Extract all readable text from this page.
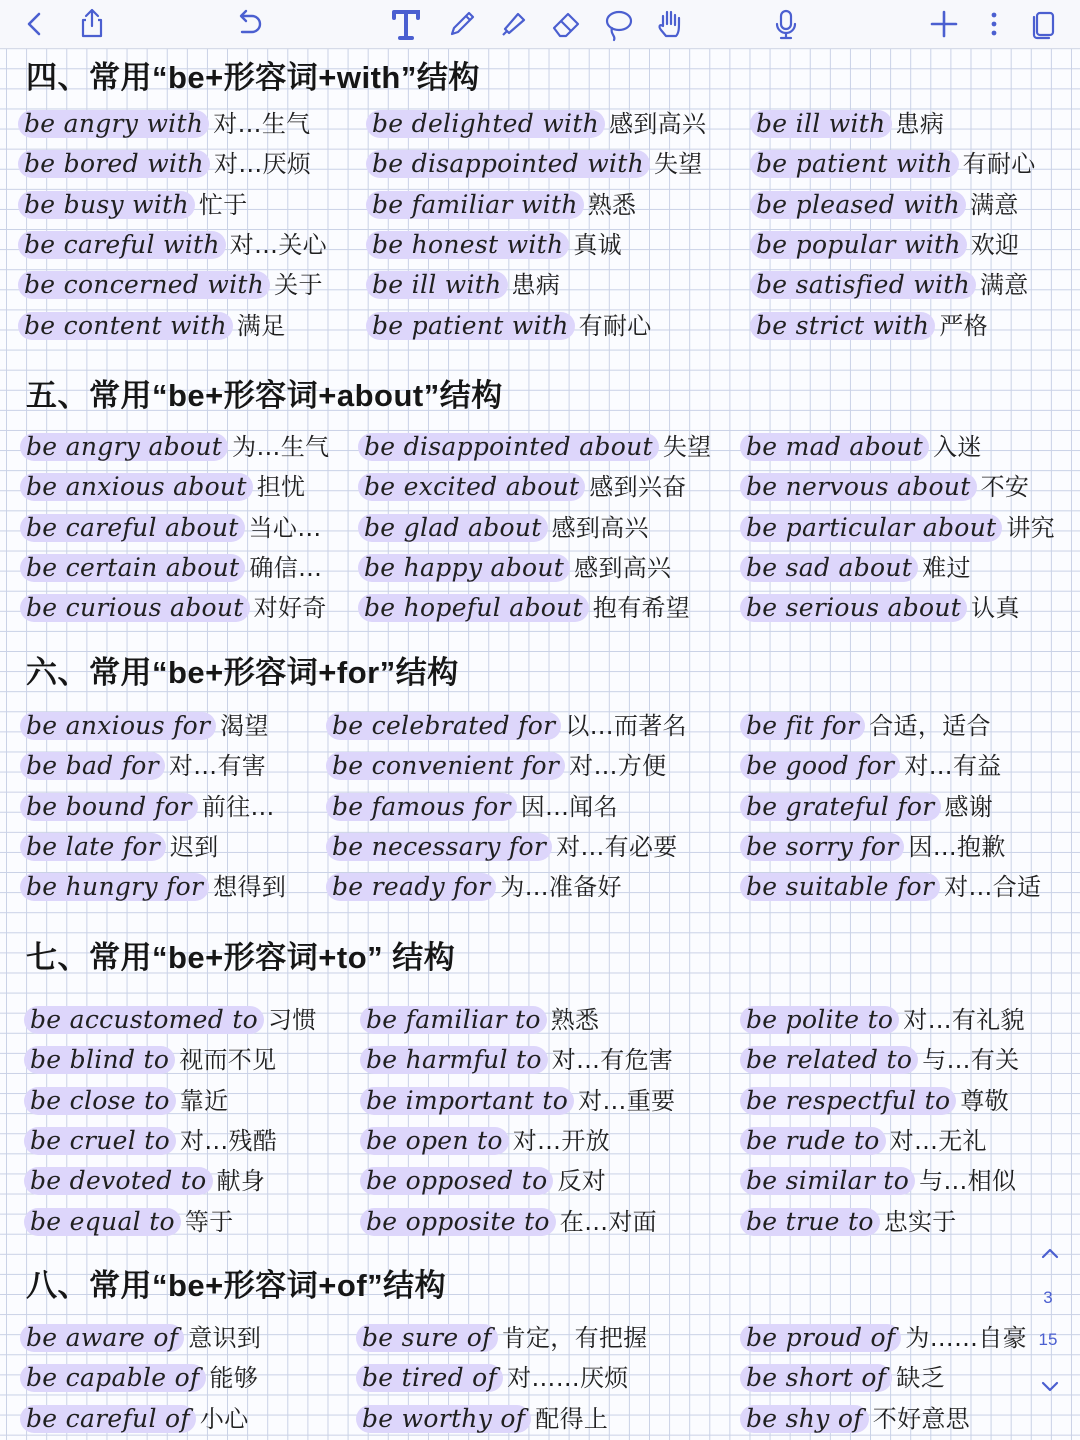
四、常用“be+形容词+with”结构
五、常用“be+形容词+about”结构
六、常用“be+形容词+for”结构
七、常用“be+形容词+to” 结构
八、常用“be+形容词+of”结构
be angry with 对…生气
be bored with 对…厌烦
be busy with 忙于
be careful with 对…关心
be concerned with 关于
be content with 满足
be delighted with 感到高兴
be disappointed with 失望
be familiar with 熟悉
be honest with 真诚
be ill with 患病
be patient with 有耐心
be ill with 患病
be patient with 有耐心
be pleased with 满意
be popular with 欢迎
be satisfied with 满意
be strict with 严格
be angry about 为…生气
be anxious about 担忧
be careful about 当心…
be certain about 确信…
be curious about 对好奇
be disappointed about 失望
be excited about 感到兴奋
be glad about 感到高兴
be happy about 感到高兴
be hopeful about 抱有希望
be mad about 入迷
be nervous about 不安
be particular about 讲究
be sad about 难过
be serious about 认真
be anxious for 渴望
be bad for 对…有害
be bound for 前往…
be late for 迟到
be hungry for 想得到
be celebrated for 以…而著名
be convenient for 对…方便
be famous for 因…闻名
be necessary for 对…有必要
be ready for 为…准备好
be fit for 合适，适合
be good for 对…有益
be grateful for 感谢
be sorry for 因…抱歉
be suitable for 对…合适
be accustomed to 习惯
be blind to 视而不见
be close to 靠近
be cruel to 对…残酷
be devoted to 献身
be equal to 等于
be familiar to 熟悉
be harmful to 对…有危害
be important to 对…重要
be open to 对…开放
be opposed to 反对
be opposite to 在…对面
be polite to 对…有礼貌
be related to 与…有关
be respectful to 尊敬
be rude to 对…无礼
be similar to 与…相似
be true to 忠实于
be aware of 意识到
be capable of 能够
be careful of 小心
be sure of 肯定，有把握
be tired of 对……厌烦
be worthy of 配得上
be proud of 为……自豪
be short of 缺乏
be shy of 不好意思
3
15
